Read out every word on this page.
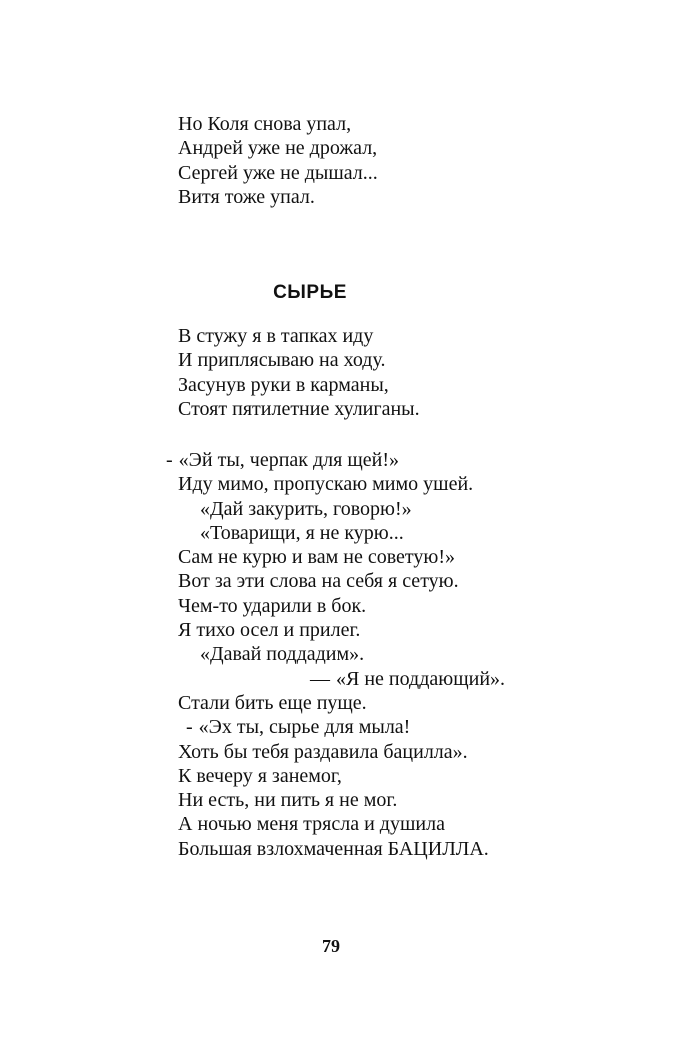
Но Коля снова упал,
Андрей уже не дрожал,
Сергей уже не дышал...
Витя тоже упал.
СЫРЬЕ
В стужу я в тапках иду
И приплясываю на ходу.
Засунув руки в карманы,
Стоят пятилетние хулиганы.
- «Эй ты, черпак для щей!»
Иду мимо, пропускаю мимо ушей.
«Дай закурить, говорю!»
«Товарищи, я не курю...
Сам не курю и вам не советую!»
Вот за эти слова на себя я сетую.
Чем-то ударили в бок.
Я тихо осел и прилег.
«Давай поддадим».
— «Я не поддающий».
Стали бить еще пуще.
- «Эх ты, сырье для мыла!
Хоть бы тебя раздавила бацилла».
К вечеру я занемог,
Ни есть, ни пить я не мог.
А ночью меня трясла и душила
Большая взлохмаченная БАЦИЛЛА.
79
